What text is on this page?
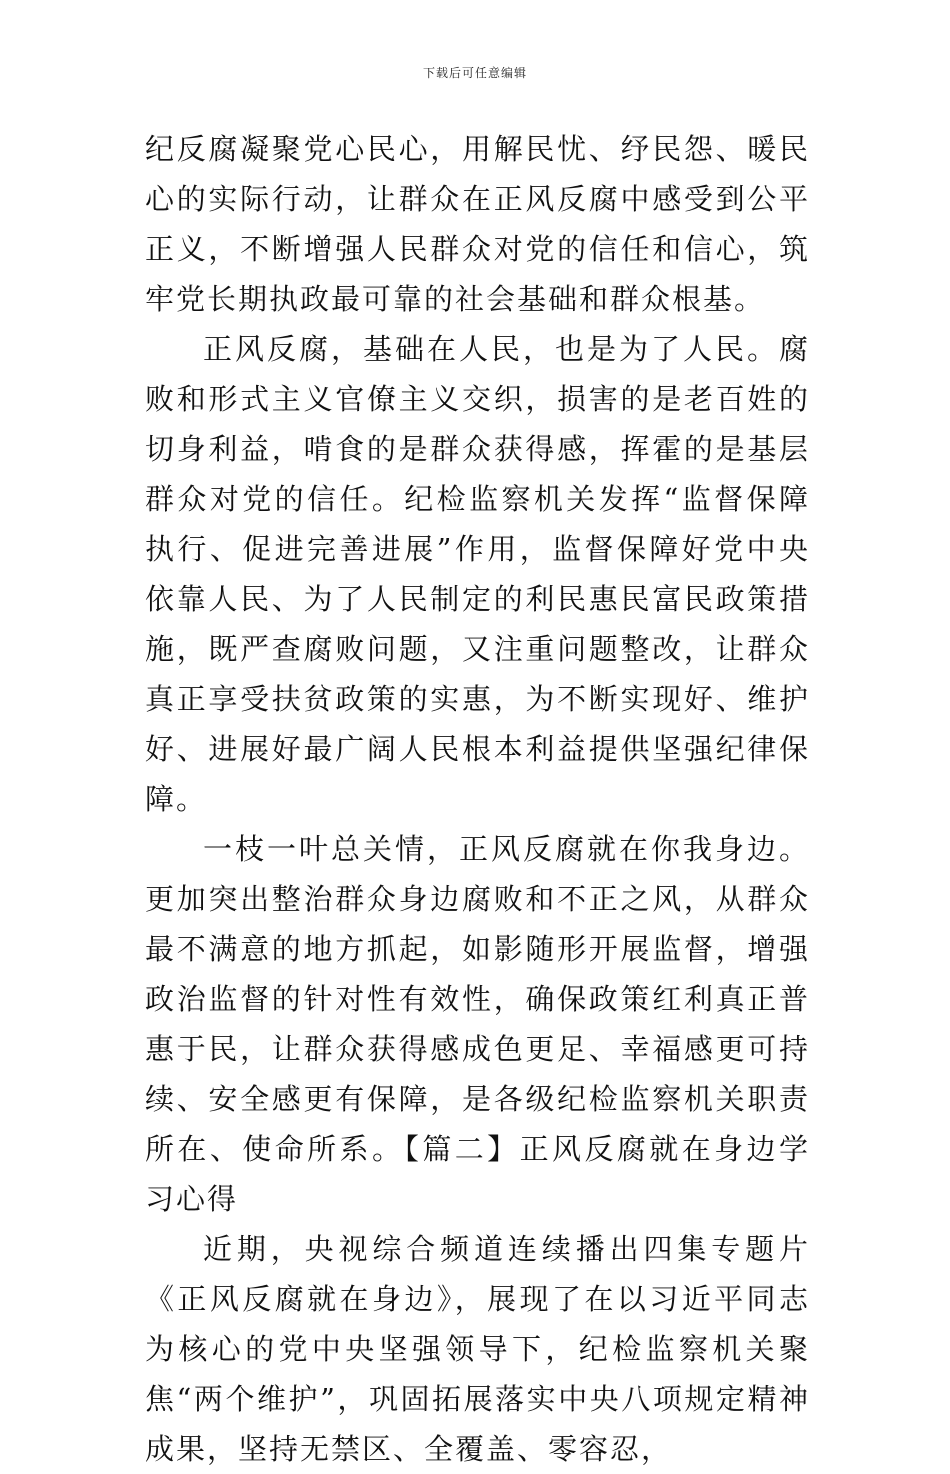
下载后可任意编辑

纪反腐凝聚党心民心，用解民忧、纾民怨、暖民心的实际行动，让群众在正风反腐中感受到公平正义，不断增强人民群众对党的信任和信心，筑牢党长期执政最可靠的社会基础和群众根基。

正风反腐，基础在人民，也是为了人民。腐败和形式主义官僚主义交织，损害的是老百姓的切身利益，啃食的是群众获得感，挥霍的是基层群众对党的信任。纪检监察机关发挥“监督保障执行、促进完善进展”作用，监督保障好党中央依靠人民、为了人民制定的利民惠民富民政策措施，既严查腐败问题，又注重问题整改，让群众真正享受扶贫政策的实惠，为不断实现好、维护好、进展好最广阔人民根本利益提供坚强纪律保障。

一枝一叶总关情，正风反腐就在你我身边。更加突出整治群众身边腐败和不正之风，从群众最不满意的地方抓起，如影随形开展监督，增强政治监督的针对性有效性，确保政策红利真正普惠于民，让群众获得感成色更足、幸福感更可持续、安全感更有保障，是各级纪检监察机关职责所在、使命所系。【篇二】正风反腐就在身边学习心得

近期，央视综合频道连续播出四集专题片《正风反腐就在身边》，展现了在以习近平同志为核心的党中央坚强领导下，纪检监察机关聚焦“两个维护”，巩固拓展落实中央八项规定精神成果，坚持无禁区、全覆盖、零容忍，
